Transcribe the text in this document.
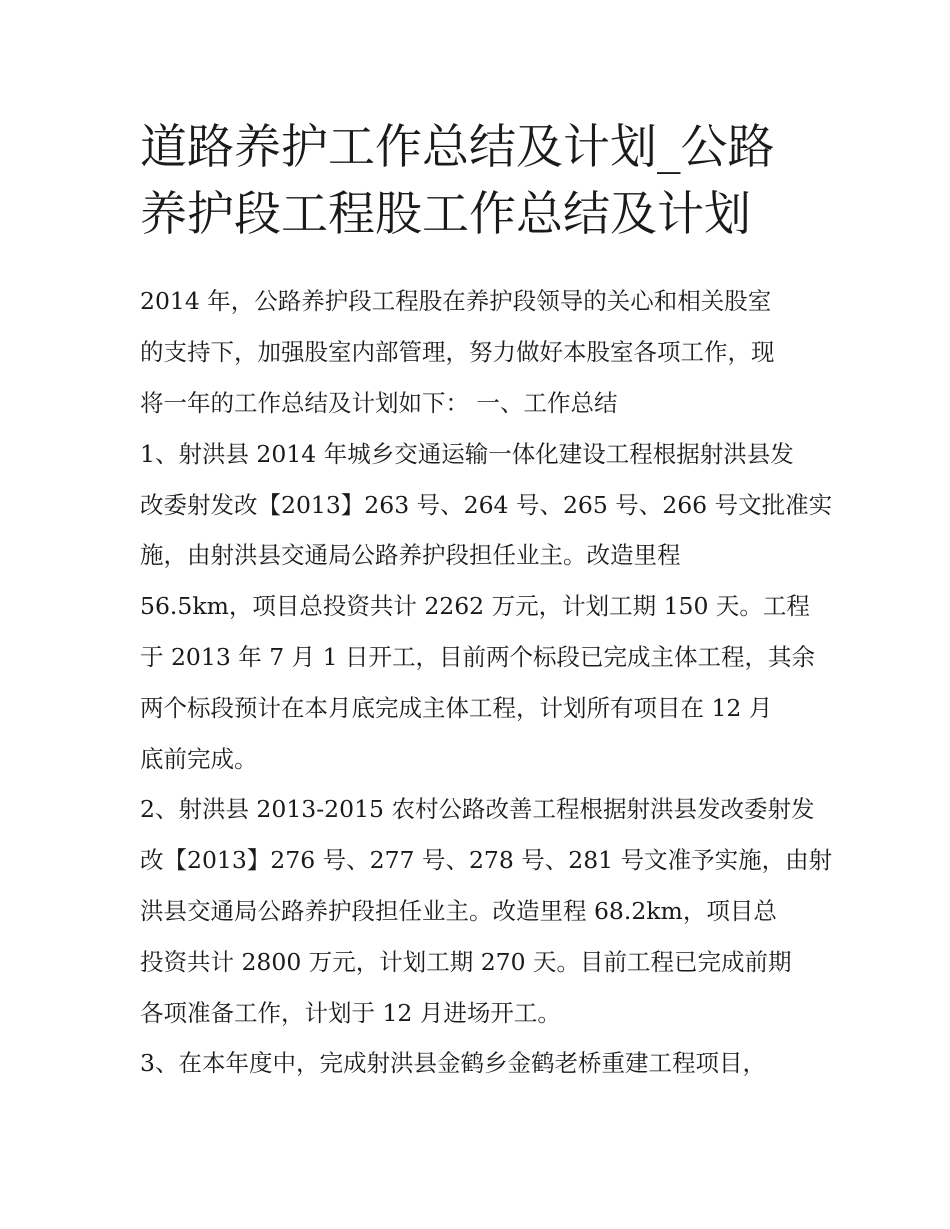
道路养护工作总结及计划_公路
养护段工程股工作总结及计划
2014 年，公路养护段工程股在养护段领导的关心和相关股室
的支持下，加强股室内部管理，努力做好本股室各项工作，现
将一年的工作总结及计划如下： 一、工作总结
1、射洪县 2014 年城乡交通运输一体化建设工程根据射洪县发
改委射发改【2013】263 号、264 号、265 号、266 号文批准实
施，由射洪县交通局公路养护段担任业主。改造里程
56.5km，项目总投资共计 2262 万元，计划工期 150 天。工程
于 2013 年 7 月 1 日开工，目前两个标段已完成主体工程，其余
两个标段预计在本月底完成主体工程，计划所有项目在 12 月
底前完成。
2、射洪县 2013-2015 农村公路改善工程根据射洪县发改委射发
改【2013】276 号、277 号、278 号、281 号文准予实施，由射
洪县交通局公路养护段担任业主。改造里程 68.2km，项目总
投资共计 2800 万元，计划工期 270 天。目前工程已完成前期
各项准备工作，计划于 12 月进场开工。
3、在本年度中，完成射洪县金鹤乡金鹤老桥重建工程项目，
